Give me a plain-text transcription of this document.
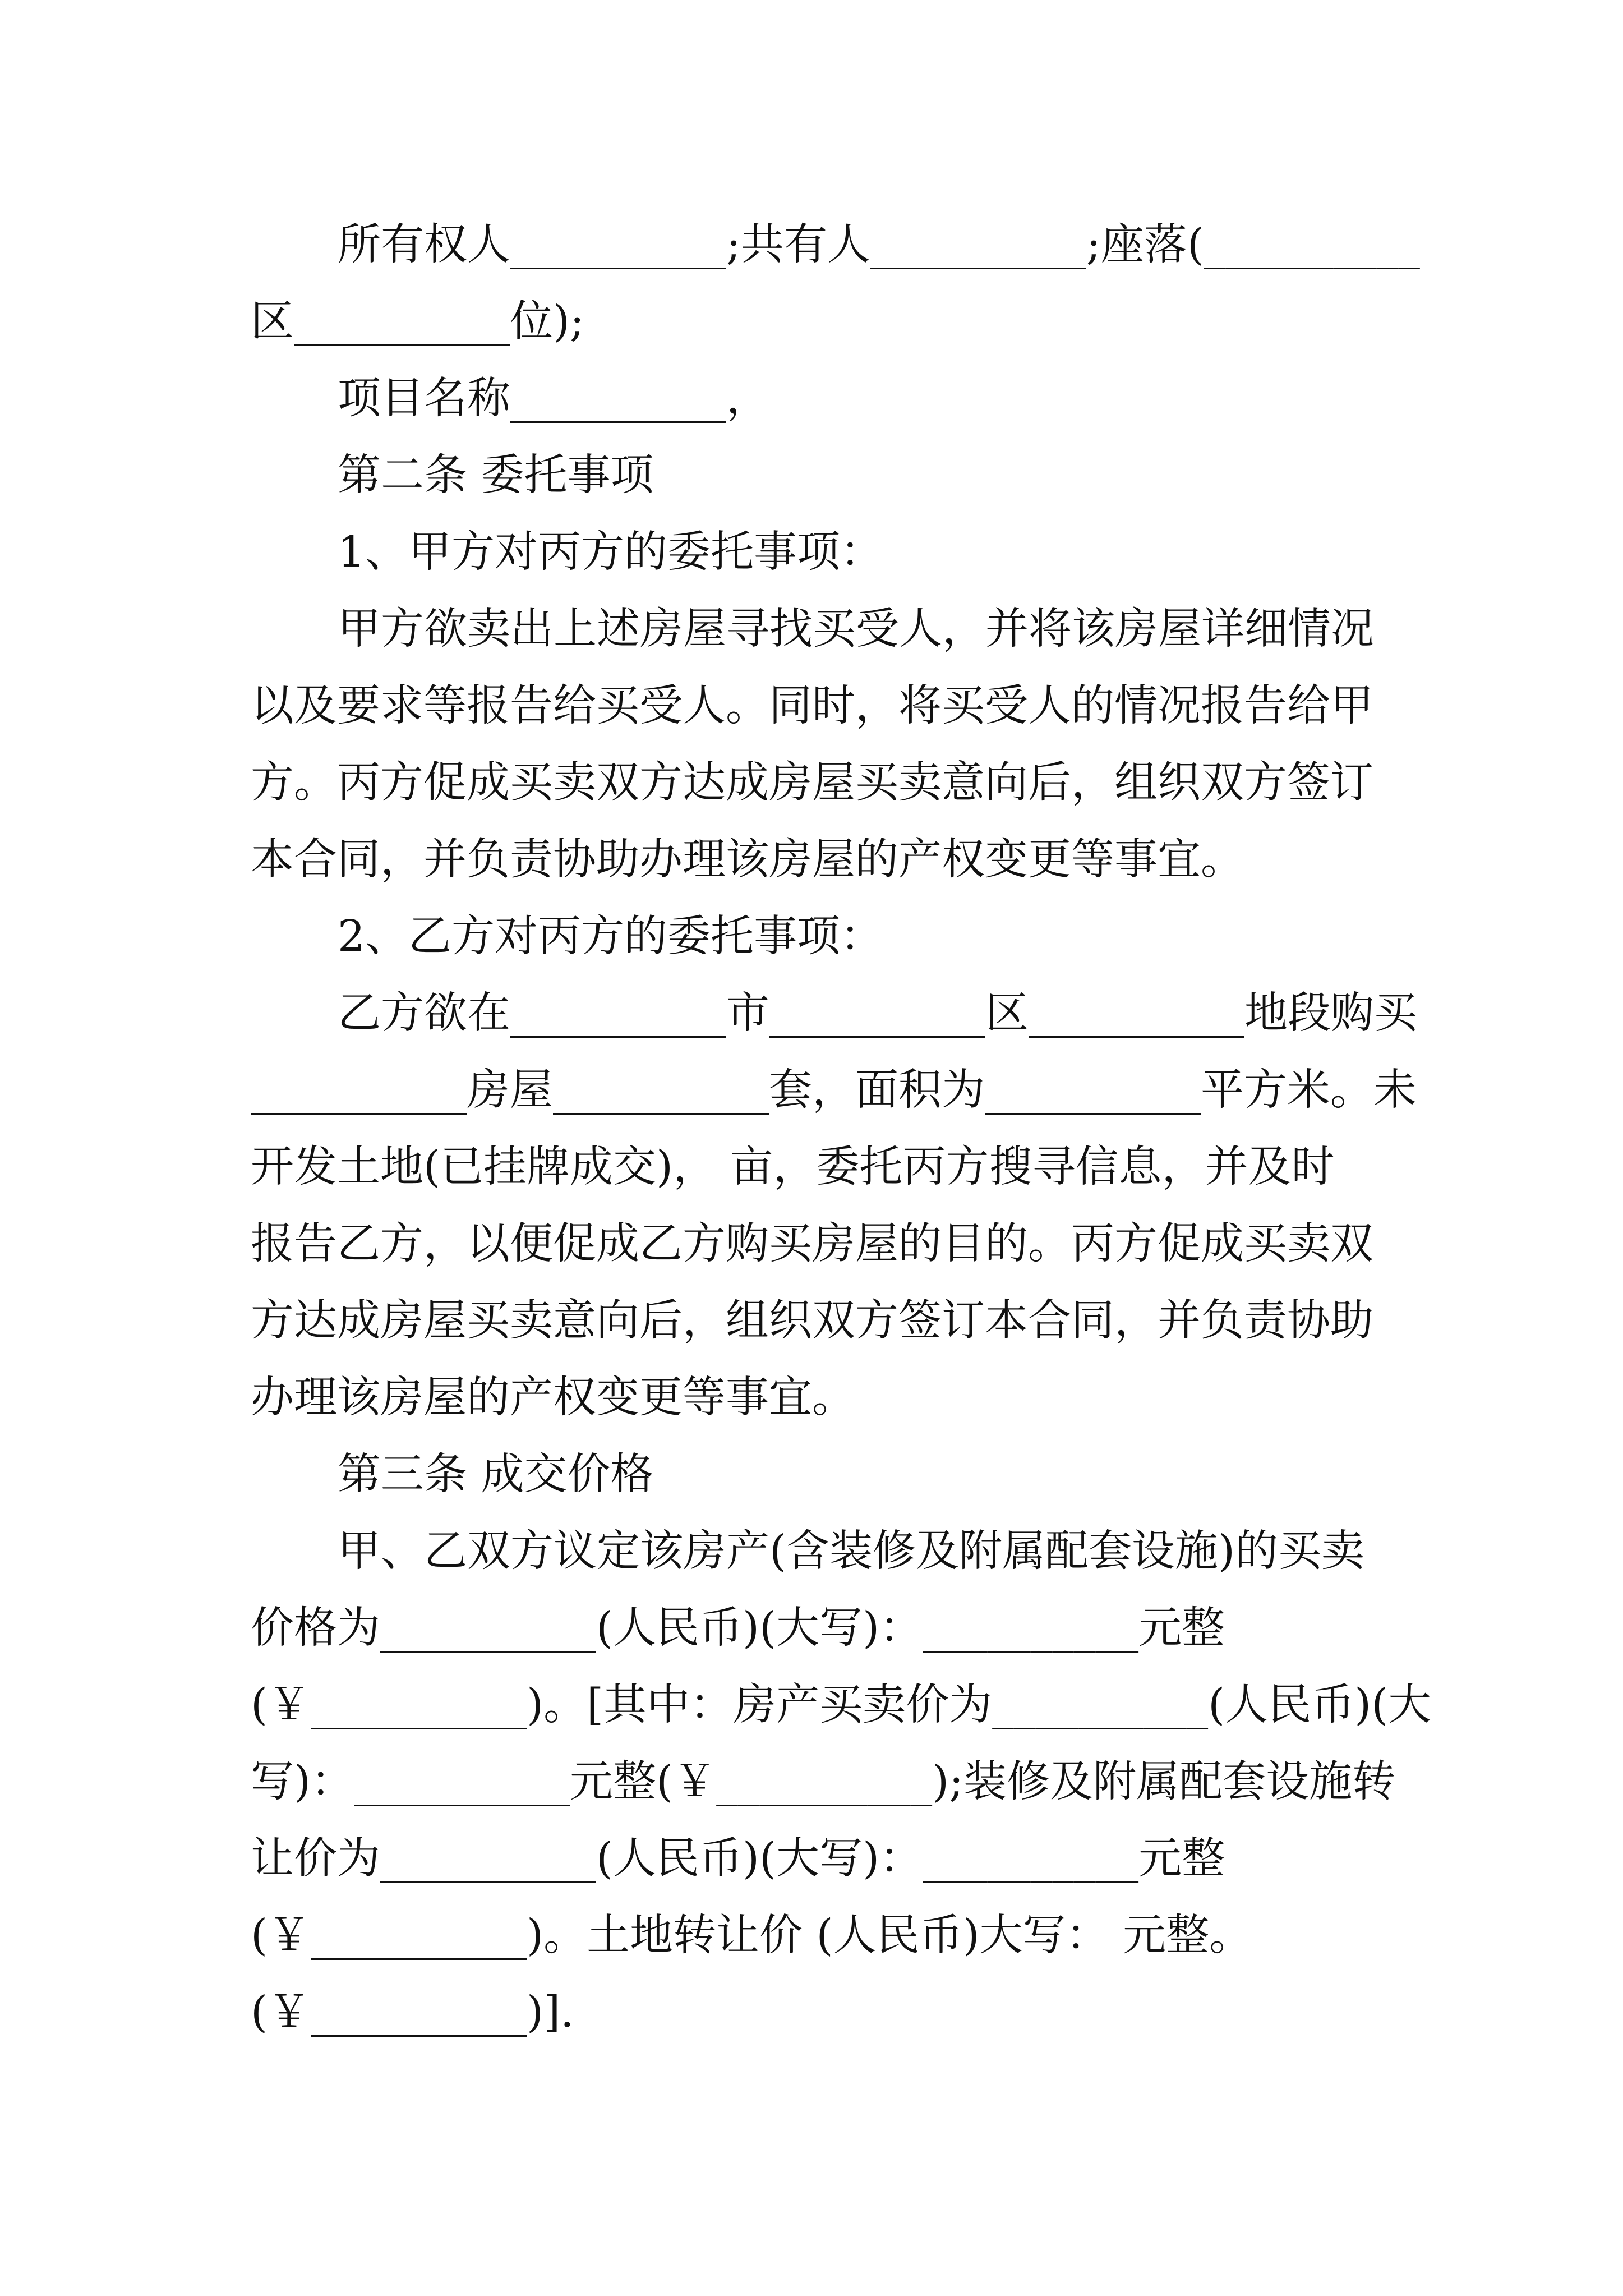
所有权人__________;共有人__________;座落(__________
区__________位);
项目名称__________，
第二条 委托事项
1、甲方对丙方的委托事项：
甲方欲卖出上述房屋寻找买受人，并将该房屋详细情况
以及要求等报告给买受人。同时，将买受人的情况报告给甲
方。丙方促成买卖双方达成房屋买卖意向后，组织双方签订
本合同，并负责协助办理该房屋的产权变更等事宜。
2、乙方对丙方的委托事项：
乙方欲在__________市__________区__________地段购买
__________房屋__________套，面积为__________平方米。未
开发土地(已挂牌成交)， 亩，委托丙方搜寻信息，并及时
报告乙方，以便促成乙方购买房屋的目的。丙方促成买卖双
方达成房屋买卖意向后，组织双方签订本合同，并负责协助
办理该房屋的产权变更等事宜。
第三条 成交价格
甲、乙双方议定该房产(含装修及附属配套设施)的买卖
价格为__________(人民币)(大写)：__________元整
(￥__________)。[其中：房产买卖价为__________(人民币)(大
写)：__________元整(￥__________);装修及附属配套设施转
让价为__________(人民币)(大写)：__________元整
(￥__________)。土地转让价 (人民币)大写： 元整。
(￥__________)].
